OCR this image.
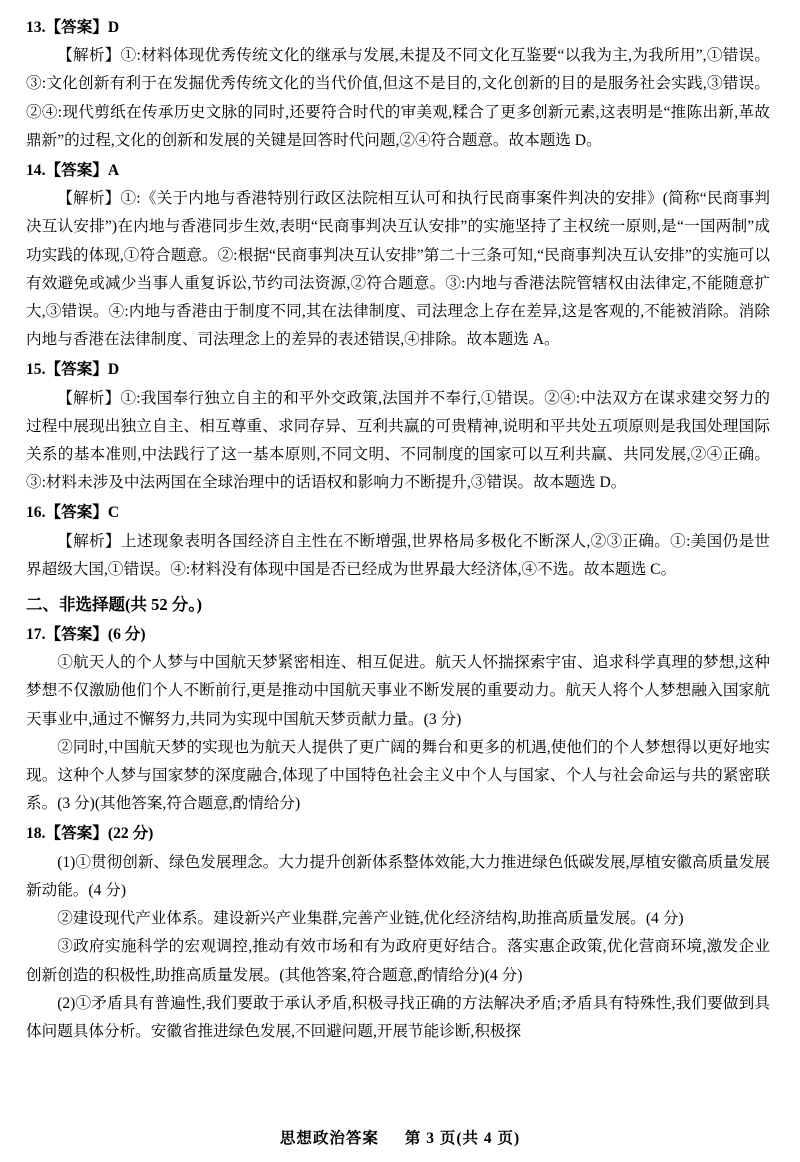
13.【答案】D
【解析】①:材料体现优秀传统文化的继承与发展,未提及不同文化互鉴要“以我为主,为我所用”,①错误。③:文化创新有利于在发掘优秀传统文化的当代价值,但这不是目的,文化创新的目的是服务社会实践,③错误。②④:现代剪纸在传承历史文脉的同时,还要符合时代的审美观,糅合了更多创新元素,这表明是“推陈出新,革故鼎新”的过程,文化的创新和发展的关键是回答时代问题,②④符合题意。故本题选 D。
14.【答案】A
【解析】①:《关于内地与香港特别行政区法院相互认可和执行民商事案件判决的安排》(简称“民商事判决互认安排”)在内地与香港同步生效,表明“民商事判决互认安排”的实施坚持了主权统一原则,是“一国两制”成功实践的体现,①符合题意。②:根据“民商事判决互认安排”第二十三条可知,“民商事判决互认安排”的实施可以有效避免或减少当事人重复诉讼,节约司法资源,②符合题意。③:内地与香港法院管辖权由法律定,不能随意扩大,③错误。④:内地与香港由于制度不同,其在法律制度、司法理念上存在差异,这是客观的,不能被消除。消除内地与香港在法律制度、司法理念上的差异的表述错误,④排除。故本题选 A。
15.【答案】D
【解析】①:我国奉行独立自主的和平外交政策,法国并不奉行,①错误。②④:中法双方在谋求建交努力的过程中展现出独立自主、相互尊重、求同存异、互利共赢的可贵精神,说明和平共处五项原则是我国处理国际关系的基本准则,中法践行了这一基本原则,不同文明、不同制度的国家可以互利共赢、共同发展,②④正确。③:材料未涉及中法两国在全球治理中的话语权和影响力不断提升,③错误。故本题选 D。
16.【答案】C
【解析】上述现象表明各国经济自主性在不断增强,世界格局多极化不断深人,②③正确。①:美国仍是世界超级大国,①错误。④:材料没有体现中国是否已经成为世界最大经济体,④不选。故本题选 C。
二、非选择题(共 52 分。)
17.【答案】(6 分)
①航天人的个人梦与中国航天梦紧密相连、相互促进。航天人怀揣探索宇宙、追求科学真理的梦想,这种梦想不仅激励他们个人不断前行,更是推动中国航天事业不断发展的重要动力。航天人将个人梦想融入国家航天事业中,通过不懈努力,共同为实现中国航天梦贡献力量。(3 分)
②同时,中国航天梦的实现也为航天人提供了更广阔的舞台和更多的机遇,使他们的个人梦想得以更好地实现。这种个人梦与国家梦的深度融合,体现了中国特色社会主义中个人与国家、个人与社会命运与共的紧密联系。(3 分)(其他答案,符合题意,酌情给分)
18.【答案】(22 分)
(1)①贯彻创新、绿色发展理念。大力提升创新体系整体效能,大力推进绿色低碳发展,厚植安徽高质量发展新动能。(4 分)
②建设现代产业体系。建设新兴产业集群,完善产业链,优化经济结构,助推高质量发展。(4 分)
③政府实施科学的宏观调控,推动有效市场和有为政府更好结合。落实惠企政策,优化营商环境,激发企业创新创造的积极性,助推高质量发展。(其他答案,符合题意,酌情给分)(4 分)
(2)①矛盾具有普遍性,我们要敢于承认矛盾,积极寻找正确的方法解决矛盾;矛盾具有特殊性,我们要做到具体问题具体分析。安徽省推进绿色发展,不回避问题,开展节能诊断,积极探
思想政治答案 第 3 页(共 4 页)
